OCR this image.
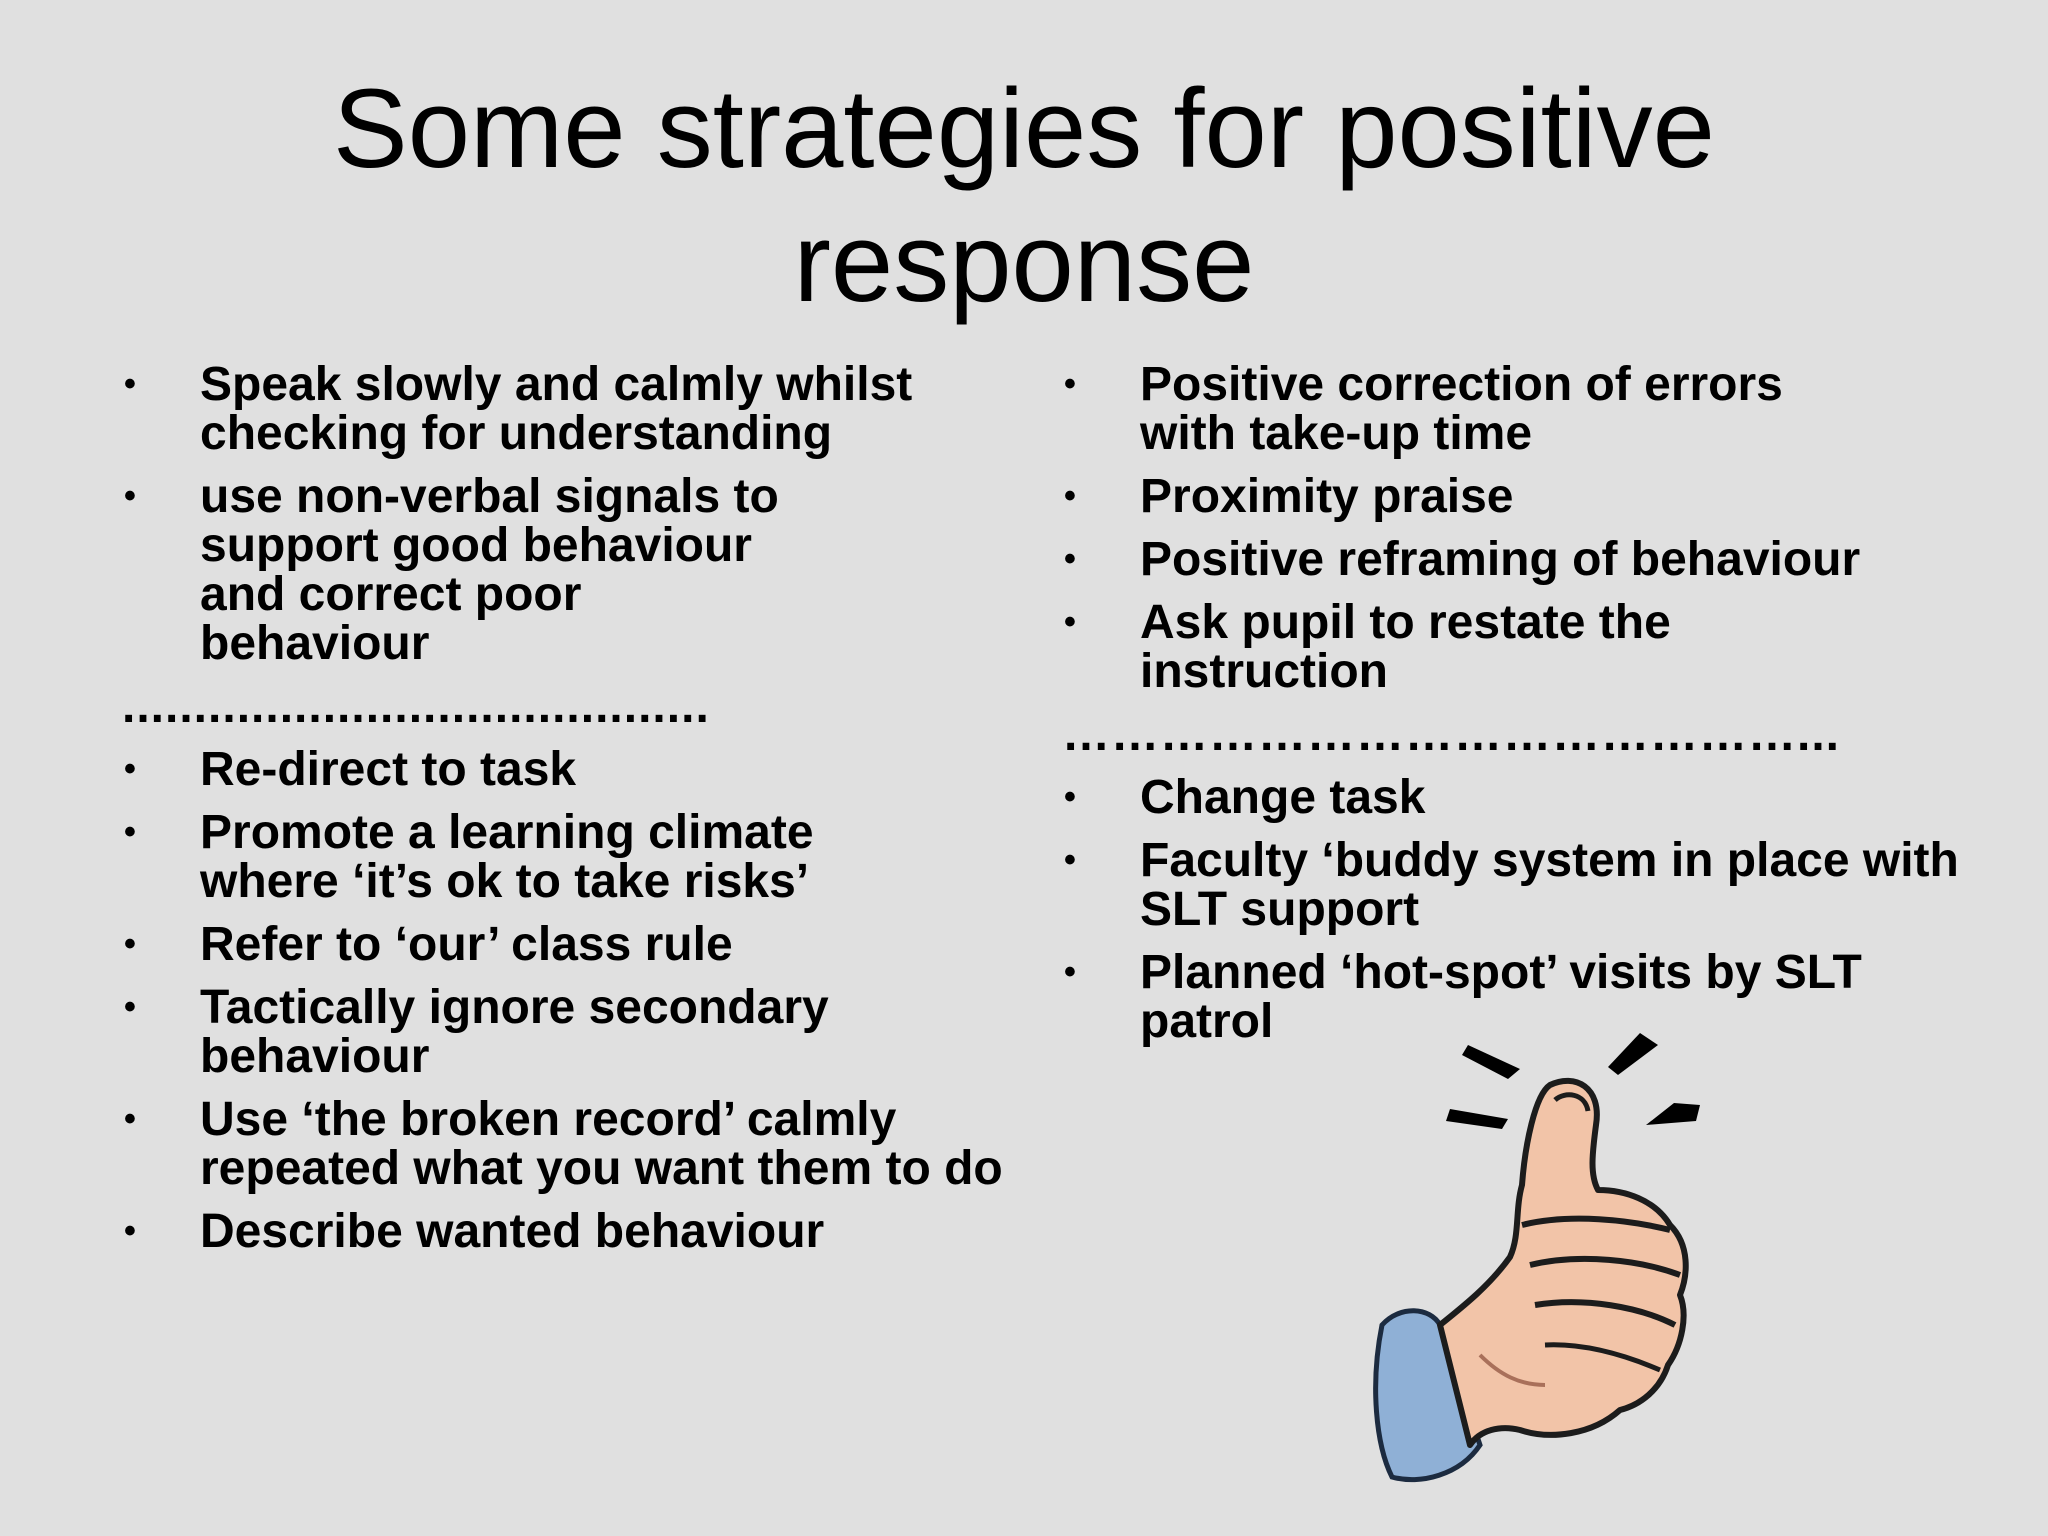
Some strategies for positive
response
• Speak slowly and calmly whilst checking for understanding
• use non-verbal signals to support good behaviour and correct poor behaviour
.........................................
• Re-direct to task
• Promote a learning climate where ‘it’s ok to take risks’
• Refer to ‘our’ class rule
• Tactically ignore secondary behaviour
• Use ‘the broken record’ calmly repeated what you want them to do
• Describe wanted behaviour
• Positive correction of errors with take-up time
• Proximity praise
• Positive reframing of behaviour
• Ask pupil to restate the instruction
………………………………………...
• Change task
• Faculty ‘buddy system in place with SLT support
• Planned ‘hot-spot’ visits by SLT patrol
